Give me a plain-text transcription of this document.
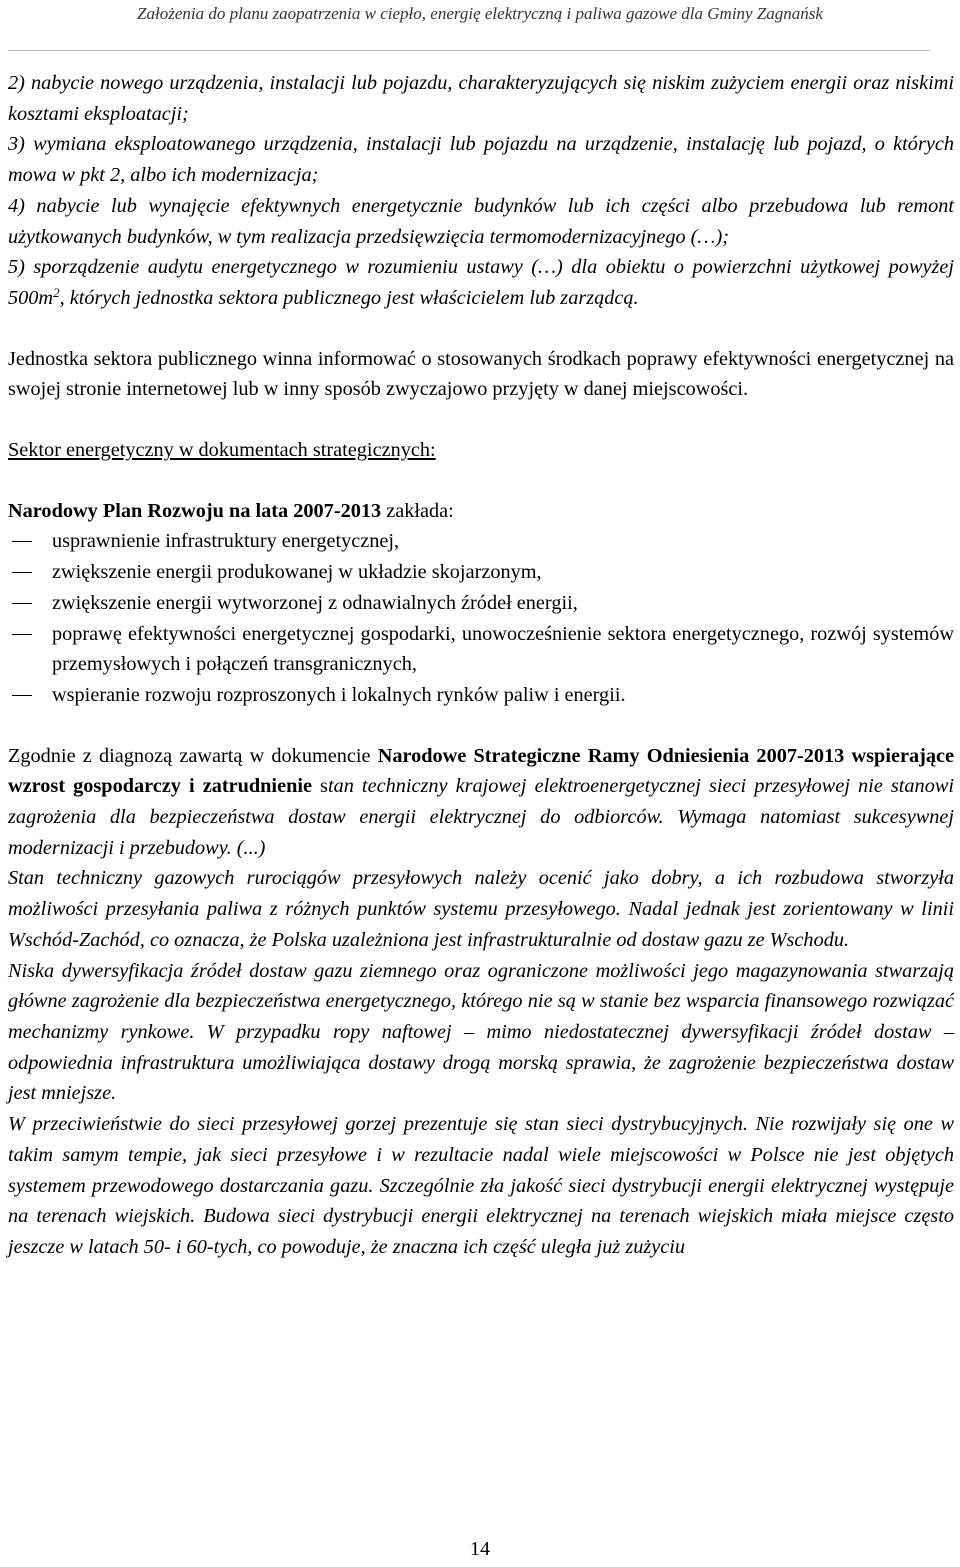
Założenia do planu zaopatrzenia w ciepło, energię elektryczną i paliwa gazowe dla Gminy Zagnańsk

2) nabycie nowego urządzenia, instalacji lub pojazdu, charakteryzujących się niskim zużyciem energii oraz niskimi kosztami eksploatacji;

3) wymiana eksploatowanego urządzenia, instalacji lub pojazdu na urządzenie, instalację lub pojazd, o których mowa w pkt 2, albo ich modernizacja;

4) nabycie lub wynajęcie efektywnych energetycznie budynków lub ich części albo przebudowa lub remont użytkowanych budynków, w tym realizacja przedsięwzięcia termomodernizacyjnego (…);

5) sporządzenie audytu energetycznego w rozumieniu ustawy (…) dla obiektu o powierzchni użytkowej powyżej $500m^2$, których jednostka sektora publicznego jest właścicielem lub zarządcą.

Jednostka sektora publicznego winna informować o stosowanych środkach poprawy efektywności energetycznej na swojej stronie internetowej lub w inny sposób zwyczajowo przyjęty w danej miejscowości.

Sektor energetyczny w dokumentach strategicznych:

Narodowy Plan Rozwoju na lata 2007-2013 zakłada:

usprawnienie infrastruktury energetycznej,
zwiększenie energii produkowanej w układzie skojarzonym,
zwiększenie energii wytworzonej z odnawialnych źródeł energii,
poprawę efektywności energetycznej gospodarki, unowocześnienie sektora energetycznego, rozwój systemów przemysłowych i połączeń transgranicznych,
wspieranie rozwoju rozproszonych i lokalnych rynków paliw i energii.

Zgodnie z diagnozą zawartą w dokumencie Narodowe Strategiczne Ramy Odniesienia 2007-2013 wspierające wzrost gospodarczy i zatrudnienie stan techniczny krajowej elektroenergetycznej sieci przesyłowej nie stanowi zagrożenia dla bezpieczeństwa dostaw energii elektrycznej do odbiorców. Wymaga natomiast sukcesywnej modernizacji i przebudowy. (...)

Stan techniczny gazowych rurociągów przesyłowych należy ocenić jako dobry, a ich rozbudowa stworzyła możliwości przesyłania paliwa z różnych punktów systemu przesyłowego. Nadal jednak jest zorientowany w linii Wschód-Zachód, co oznacza, że Polska uzależniona jest infrastrukturalnie od dostaw gazu ze Wschodu.

Niska dywersyfikacja źródeł dostaw gazu ziemnego oraz ograniczone możliwości jego magazynowania stwarzają główne zagrożenie dla bezpieczeństwa energetycznego, którego nie są w stanie bez wsparcia finansowego rozwiązać mechanizmy rynkowe. W przypadku ropy naftowej – mimo niedostatecznej dywersyfikacji źródeł dostaw – odpowiednia infrastruktura umożliwiająca dostawy drogą morską sprawia, że zagrożenie bezpieczeństwa dostaw jest mniejsze.

W przeciwieństwie do sieci przesyłowej gorzej prezentuje się stan sieci dystrybucyjnych. Nie rozwijały się one w takim samym tempie, jak sieci przesyłowe i w rezultacie nadal wiele miejscowości w Polsce nie jest objętych systemem przewodowego dostarczania gazu. Szczególnie zła jakość sieci dystrybucji energii elektrycznej występuje na terenach wiejskich. Budowa sieci dystrybucji energii elektrycznej na terenach wiejskich miała miejsce często jeszcze w latach 50- i 60-tych, co powoduje, że znaczna ich część uległa już zużyciu

14
